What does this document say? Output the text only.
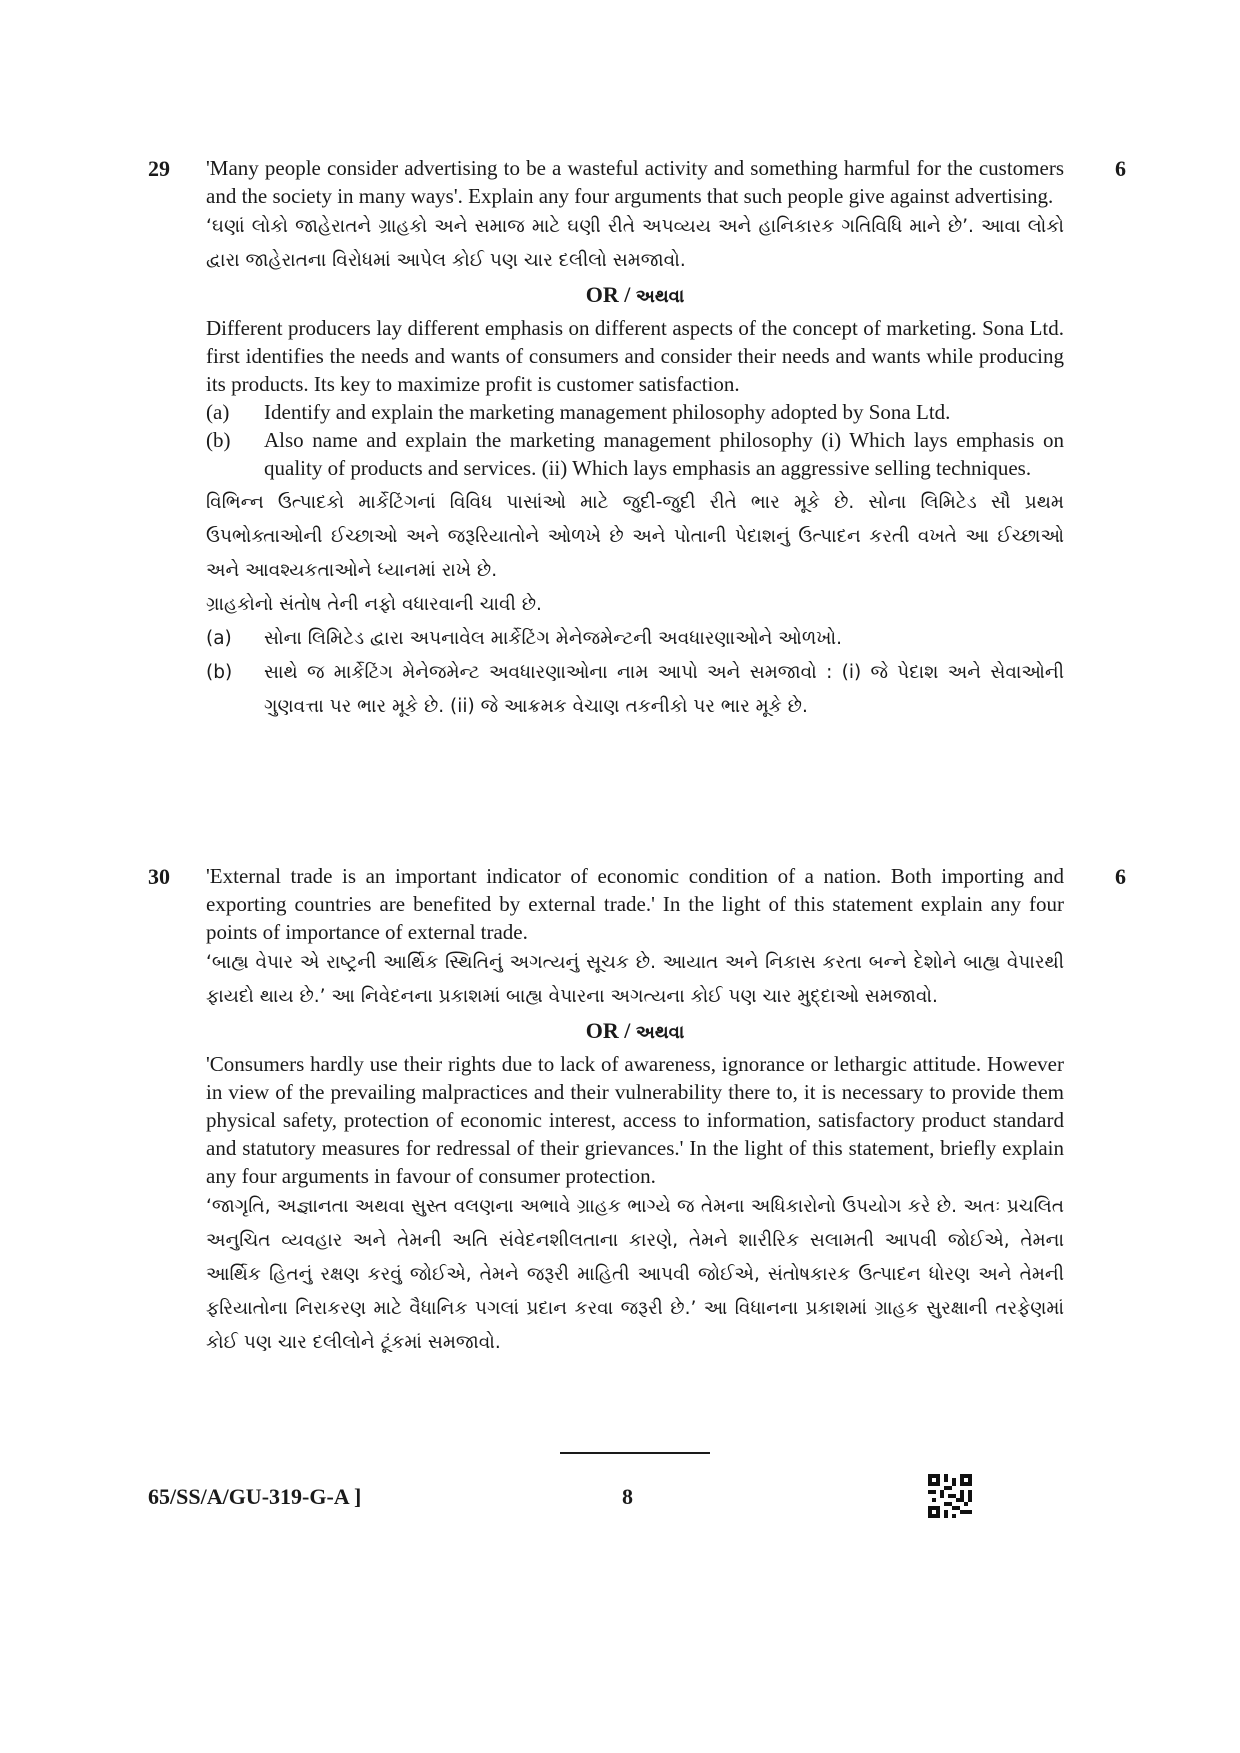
29	6

'Many people consider advertising to be a wasteful activity and something harmful for the customers and the society in many ways'. Explain any four arguments that such people give against advertising.

‘ઘણાં લોકો જાહેરાતને ગ્રાહકો અને સમાજ માટે ઘણી રીતે અપવ્યય અને હાનિકારક ગતિવિધિ માને છે’. આવા લોકો દ્વારા જાહેરાતના વિરોધમાં આપેલ કોઈ પણ ચાર દલીલો સમજાવો.

OR / અથવા

Different producers lay different emphasis on different aspects of the concept of marketing. Sona Ltd. first identifies the needs and wants of consumers and consider their needs and wants while producing its products. Its key to maximize profit is customer satisfaction.

(a)	Identify and explain the marketing management philosophy adopted by Sona Ltd.
(b)	Also name and explain the marketing management philosophy (i) Which lays emphasis on quality of products and services. (ii) Which lays emphasis an aggressive selling techniques.

વિભિન્ન ઉત્પાદકો માર્કેટિંગનાં વિવિધ પાસાંઓ માટે જુદી-જુદી રીતે ભાર મૂકે છે. સોના લિમિટેડ સૌ પ્રથમ ઉપભોક્તાઓની ઈચ્છાઓ અને જરૂરિયાતોને ઓળખે છે અને પોતાની પેદાશનું ઉત્પાદન કરતી વખતે આ ઈચ્છાઓ અને આવશ્યકતાઓને ધ્યાનમાં રાખે છે.

ગ્રાહકોનો સંતોષ તેની નફો વધારવાની ચાવી છે.

(a)	સોના લિમિટેડ દ્વારા અપનાવેલ માર્કેટિંગ મેનેજમેન્ટની અવધારણાઓને ઓળખો.
(b)	સાથે જ માર્કેટિંગ મેનેજમેન્ટ અવધારણાઓના નામ આપો અને સમજાવો : (i) જે પેદાશ અને સેવાઓની ગુણવત્તા પર ભાર મૂકે છે. (ii) જે આક્રમક વેચાણ તકનીકો પર ભાર મૂકે છે.
30	6

'External trade is an important indicator of economic condition of a nation. Both importing and exporting countries are benefited by external trade.' In the light of this statement explain any four points of importance of external trade.

‘બાહ્ય વેપાર એ રાષ્ટ્રની આર્થિક સ્થિતિનું અગત્યનું સૂચક છે. આયાત અને નિકાસ કરતા બન્ને દેશોને બાહ્ય વેપારથી ફાયદો થાય છે.’ આ નિવેદનના પ્રકાશમાં બાહ્ય વેપારના અગત્યના કોઈ પણ ચાર મુદ્દાઓ સમજાવો.

OR / અથવા

'Consumers hardly use their rights due to lack of awareness, ignorance or lethargic attitude. However in view of the prevailing malpractices and their vulnerability there to, it is necessary to provide them physical safety, protection of economic interest, access to information, satisfactory product standard and statutory measures for redressal of their grievances.' In the light of this statement, briefly explain any four arguments in favour of consumer protection.

‘જાગૃતિ, અજ્ઞાનતા અથવા સુસ્ત વલણના અભાવે ગ્રાહક ભાગ્યે જ તેમના અધિકારોનો ઉપયોગ કરે છે. અતઃ પ્રચલિત અનુચિત વ્યવહાર અને તેમની અતિ સંવેદનશીલતાના કારણે, તેમને શારીરિક સલામતી આપવી જોઈએ, તેમના આર્થિક હિતનું રક્ષણ કરવું જોઈએ, તેમને જરૂરી માહિતી આપવી જોઈએ, સંતોષકારક ઉત્પાદન ધોરણ અને તેમની ફરિયાતોના નિરાકરણ માટે વૈધાનિક પગલાં પ્રદાન કરવા જરૂરી છે.’ આ વિધાનના પ્રકાશમાં ગ્રાહક સુરક્ષાની તરફેણમાં કોઈ પણ ચાર દલીલોને ટૂંકમાં સમજાવો.

65/SS/A/GU-319-G-A ]	8
